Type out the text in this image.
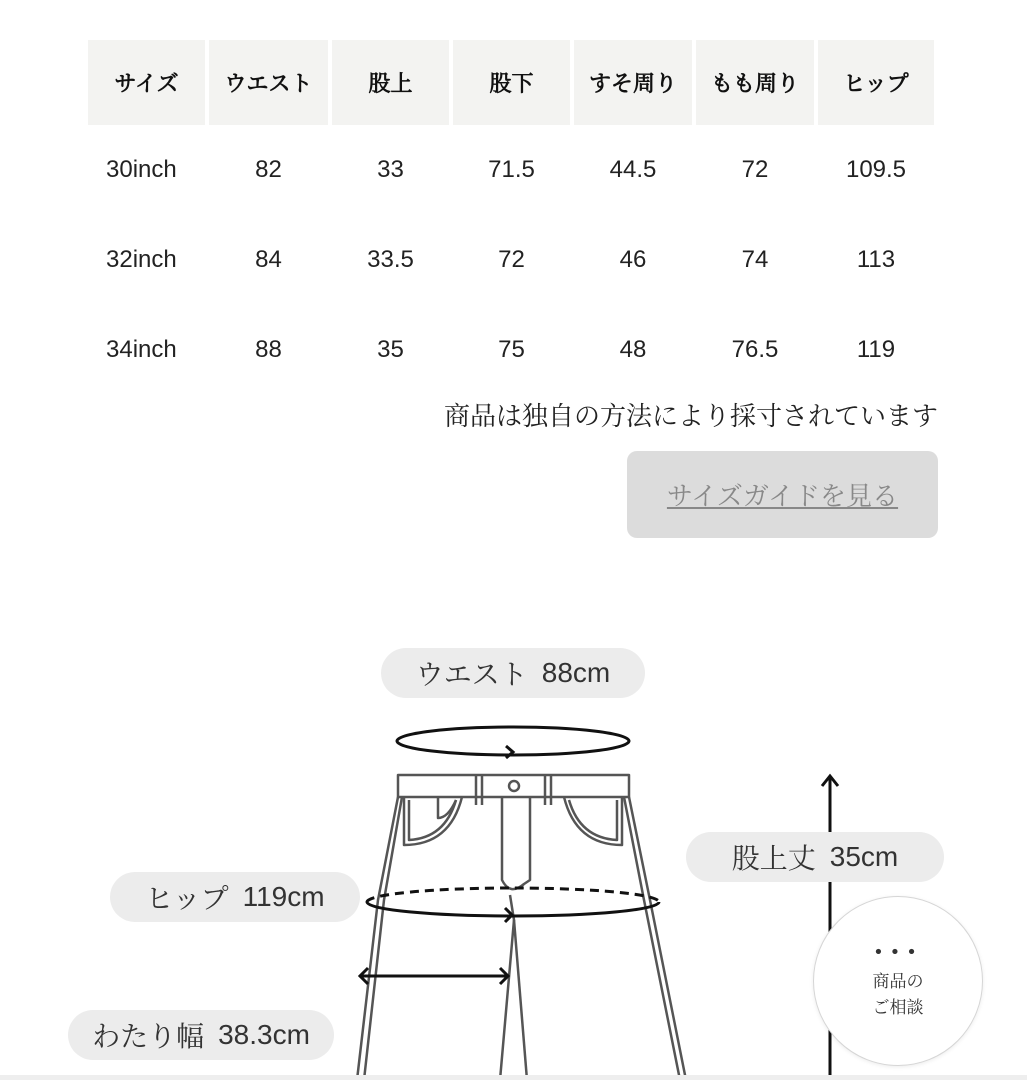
サイズ	ウエスト	股上	股下	すそ周り	もも周り	ヒップ
30inch	82	33	71.5	44.5	72	109.5
32inch	84	33.5	72	46	74	113
34inch	88	35	75	48	76.5	119
商品は独自の方法により採寸されています
サイズガイドを見る
ウエスト 88cm
股上丈 35cm
ヒップ 119cm
わたり幅 38.3cm
•••
商品の
ご相談
